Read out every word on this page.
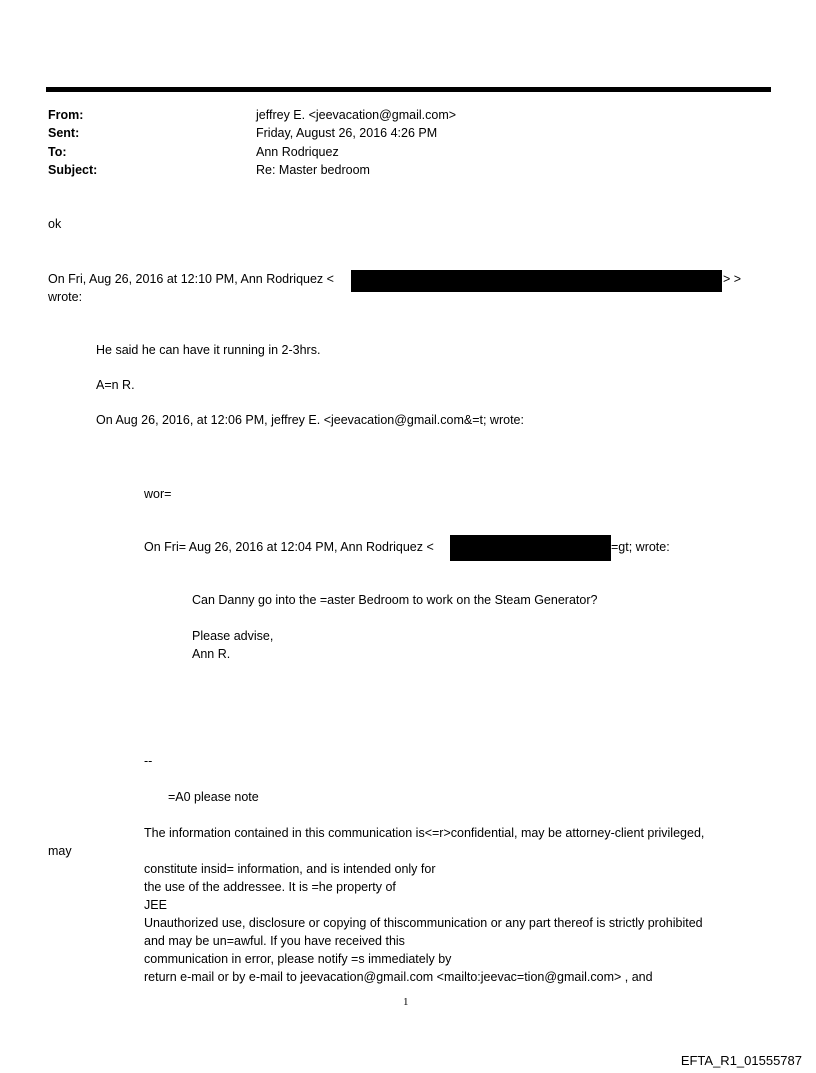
From:	jeffrey E. <jeevacation@gmail.com>
Sent:	Friday, August 26, 2016 4:26 PM
To:	Ann Rodriquez
Subject:	Re: Master bedroom
ok
On Fri, Aug 26, 2016 at 12:10 PM, Ann Rodriquez <	> >
wrote:
He said he can have it running in 2-3hrs.
A=n R.
On Aug 26, 2016, at 12:06 PM, jeffrey E. <jeevacation@gmail.com&=t; wrote:
wor=
On Fri= Aug 26, 2016 at 12:04 PM, Ann Rodriquez <	=gt; wrote:
Can Danny go into the =aster Bedroom to work on the Steam Generator?
Please advise,
Ann R.
--
=A0 please note
The information contained in this communication is<=r>confidential, may be attorney-client privileged,
may
constitute insid= information, and is intended only for
the use of the addressee. It is =he property of
JEE
Unauthorized use, disclosure or copying of thiscommunication or any part thereof is strictly prohibited
and may be un=awful. If you have received this
communication in error, please notify =s immediately by
return e-mail or by e-mail to jeevacation@gmail.com <mailto:jeevac=tion@gmail.com> , and
1
EFTA_R1_01555787
